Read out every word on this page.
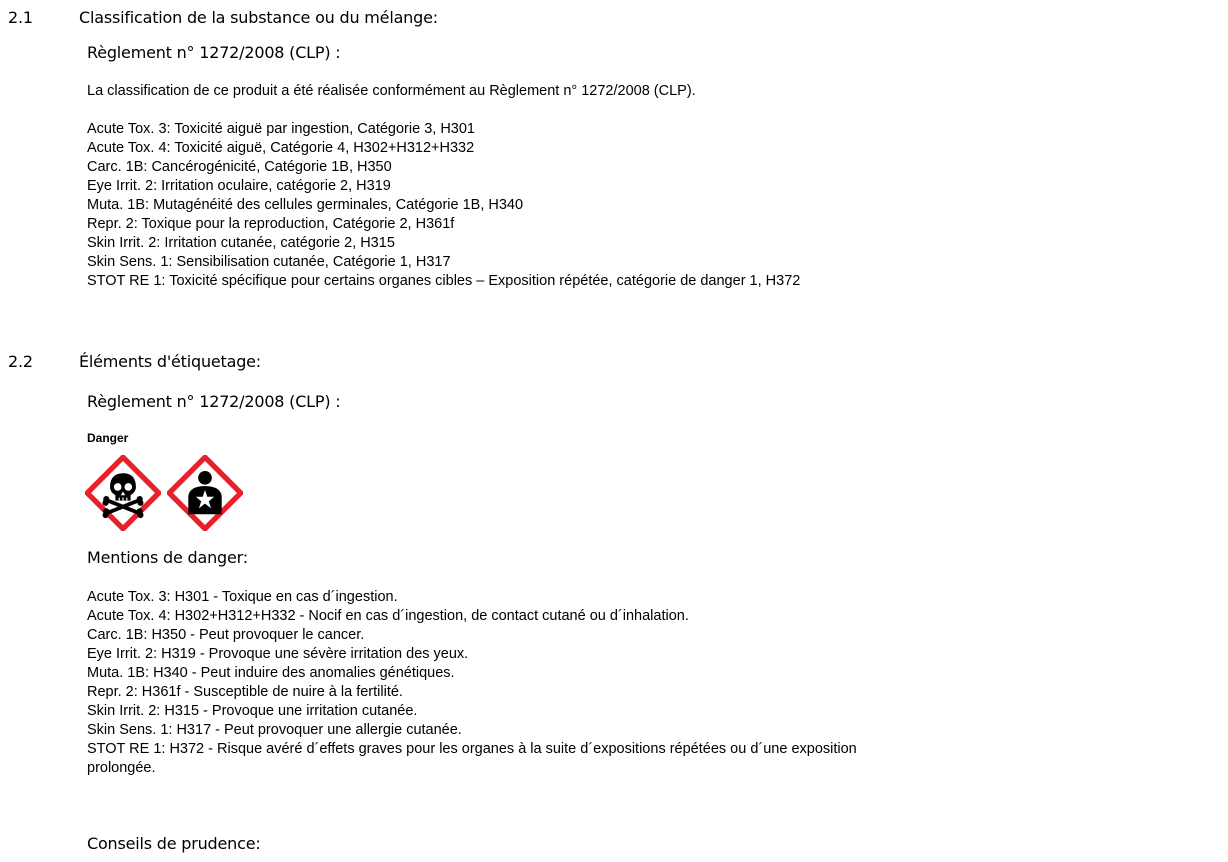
2.1	Classification de la substance ou du mélange:
Règlement n° 1272/2008 (CLP) :
La classification de ce produit a été réalisée conformément au Règlement n° 1272/2008 (CLP).
Acute Tox. 3: Toxicité aiguë par ingestion, Catégorie 3, H301
Acute Tox. 4: Toxicité aiguë, Catégorie 4, H302+H312+H332
Carc. 1B: Cancérogénicité, Catégorie 1B, H350
Eye Irrit. 2: Irritation oculaire, catégorie 2, H319
Muta. 1B: Mutagénéité des cellules germinales, Catégorie 1B, H340
Repr. 2: Toxique pour la reproduction, Catégorie 2, H361f
Skin Irrit. 2: Irritation cutanée, catégorie 2, H315
Skin Sens. 1: Sensibilisation cutanée, Catégorie 1, H317
STOT RE 1: Toxicité spécifique pour certains organes cibles – Exposition répétée, catégorie de danger 1, H372
2.2	Éléments d'étiquetage:
Règlement n° 1272/2008 (CLP) :
Danger
Mentions de danger:
Acute Tox. 3: H301 - Toxique en cas d´ingestion.
Acute Tox. 4: H302+H312+H332 - Nocif en cas d´ingestion, de contact cutané ou d´inhalation.
Carc. 1B: H350 - Peut provoquer le cancer.
Eye Irrit. 2: H319 - Provoque une sévère irritation des yeux.
Muta. 1B: H340 - Peut induire des anomalies génétiques.
Repr. 2: H361f - Susceptible de nuire à la fertilité.
Skin Irrit. 2: H315 - Provoque une irritation cutanée.
Skin Sens. 1: H317 - Peut provoquer une allergie cutanée.
STOT RE 1: H372 - Risque avéré d´effets graves pour les organes à la suite d´expositions répétées ou d´une exposition
prolongée.
Conseils de prudence:
